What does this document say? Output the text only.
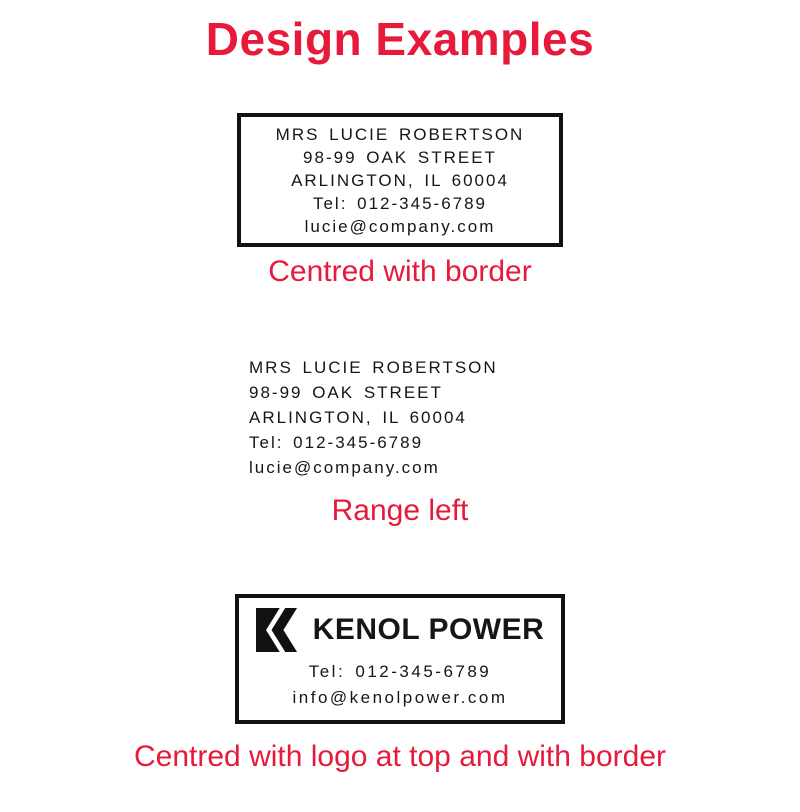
Design Examples
MRS LUCIE ROBERTSON
98-99 OAK STREET
ARLINGTON, IL 60004
Tel: 012-345-6789
lucie@company.com
Centred with border
MRS LUCIE ROBERTSON
98-99 OAK STREET
ARLINGTON, IL 60004
Tel: 012-345-6789
lucie@company.com
Range left
KENOL POWER
Tel: 012-345-6789
info@kenolpower.com
Centred with logo at top and with border
